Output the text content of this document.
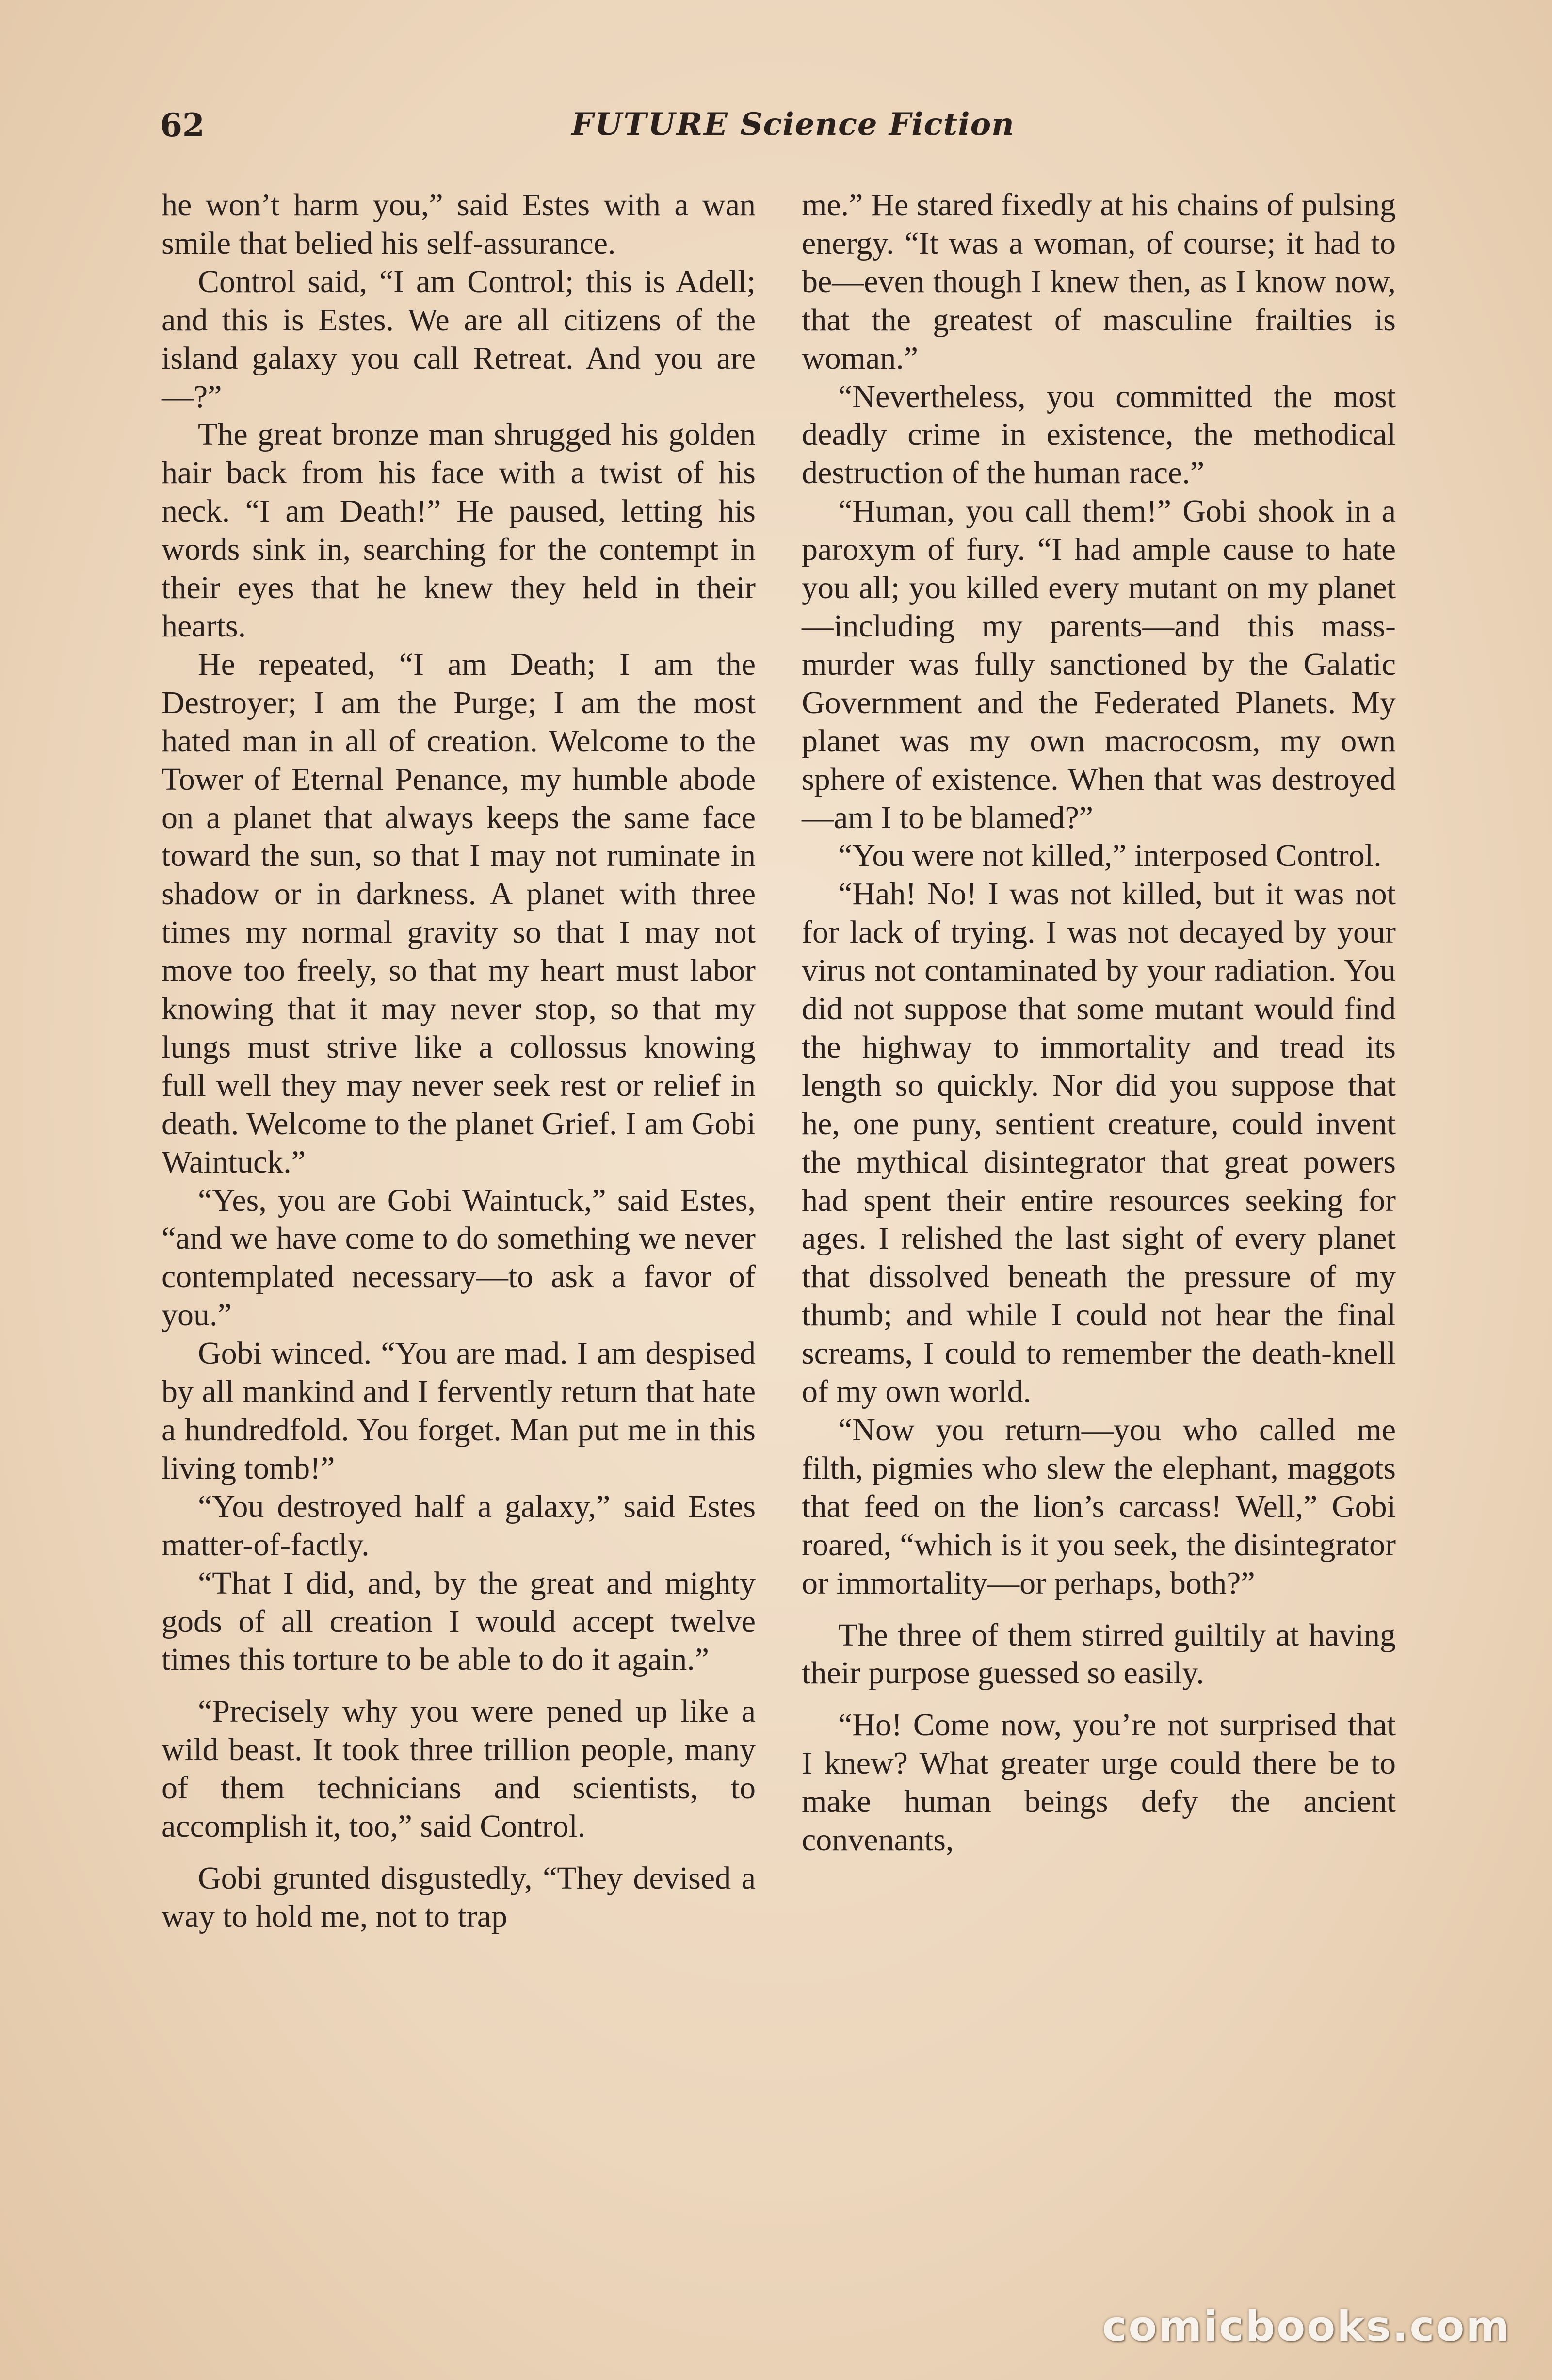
62	FUTURE Science Fiction

he won’t harm you,” said Estes with a wan smile that belied his self-assurance.

Control said, “I am Control; this is Adell; and this is Estes. We are all citizens of the island galaxy you call Retreat. And you are—?”

The great bronze man shrugged his golden hair back from his face with a twist of his neck. “I am Death!” He paused, letting his words sink in, searching for the contempt in their eyes that he knew they held in their hearts.

He repeated, “I am Death; I am the Destroyer; I am the Purge; I am the most hated man in all of creation. Welcome to the Tower of Eternal Penance, my humble abode on a planet that always keeps the same face toward the sun, so that I may not ruminate in shadow or in darkness. A planet with three times my normal gravity so that I may not move too freely, so that my heart must labor knowing that it may never stop, so that my lungs must strive like a collossus knowing full well they may never seek rest or relief in death. Welcome to the planet Grief. I am Gobi Waintuck.”

“Yes, you are Gobi Waintuck,” said Estes, “and we have come to do something we never contemplated necessary—to ask a favor of you.”

Gobi winced. “You are mad. I am despised by all mankind and I fervently return that hate a hundredfold. You forget. Man put me in this living tomb!”

“You destroyed half a galaxy,” said Estes matter-of-factly.

“That I did, and, by the great and mighty gods of all creation I would accept twelve times this torture to be able to do it again.”

“Precisely why you were pened up like a wild beast. It took three trillion people, many of them technicians and scientists, to accomplish it, too,” said Control.

Gobi grunted disgustedly, “They devised a way to hold me, not to trap

me.” He stared fixedly at his chains of pulsing energy. “It was a woman, of course; it had to be—even though I knew then, as I know now, that the greatest of masculine frailties is woman.”

“Nevertheless, you committed the most deadly crime in existence, the methodical destruction of the human race.”

“Human, you call them!” Gobi shook in a paroxym of fury. “I had ample cause to hate you all; you killed every mutant on my planet—including my parents—and this mass-murder was fully sanctioned by the Galatic Government and the Federated Planets. My planet was my own macrocosm, my own sphere of existence. When that was destroyed—am I to be blamed?”

“You were not killed,” interposed Control.

“Hah! No! I was not killed, but it was not for lack of trying. I was not decayed by your virus not contaminated by your radiation. You did not suppose that some mutant would find the highway to immortality and tread its length so quickly. Nor did you suppose that he, one puny, sentient creature, could invent the mythical disintegrator that great powers had spent their entire resources seeking for ages. I relished the last sight of every planet that dissolved beneath the pressure of my thumb; and while I could not hear the final screams, I could to remember the death-knell of my own world.

“Now you return—you who called me filth, pigmies who slew the elephant, maggots that feed on the lion’s carcass! Well,” Gobi roared, “which is it you seek, the disintegrator or immortality—or perhaps, both?”

The three of them stirred guiltily at having their purpose guessed so easily.

“Ho! Come now, you’re not surprised that I knew? What greater urge could there be to make human beings defy the ancient convenants,

comicbooks.com
